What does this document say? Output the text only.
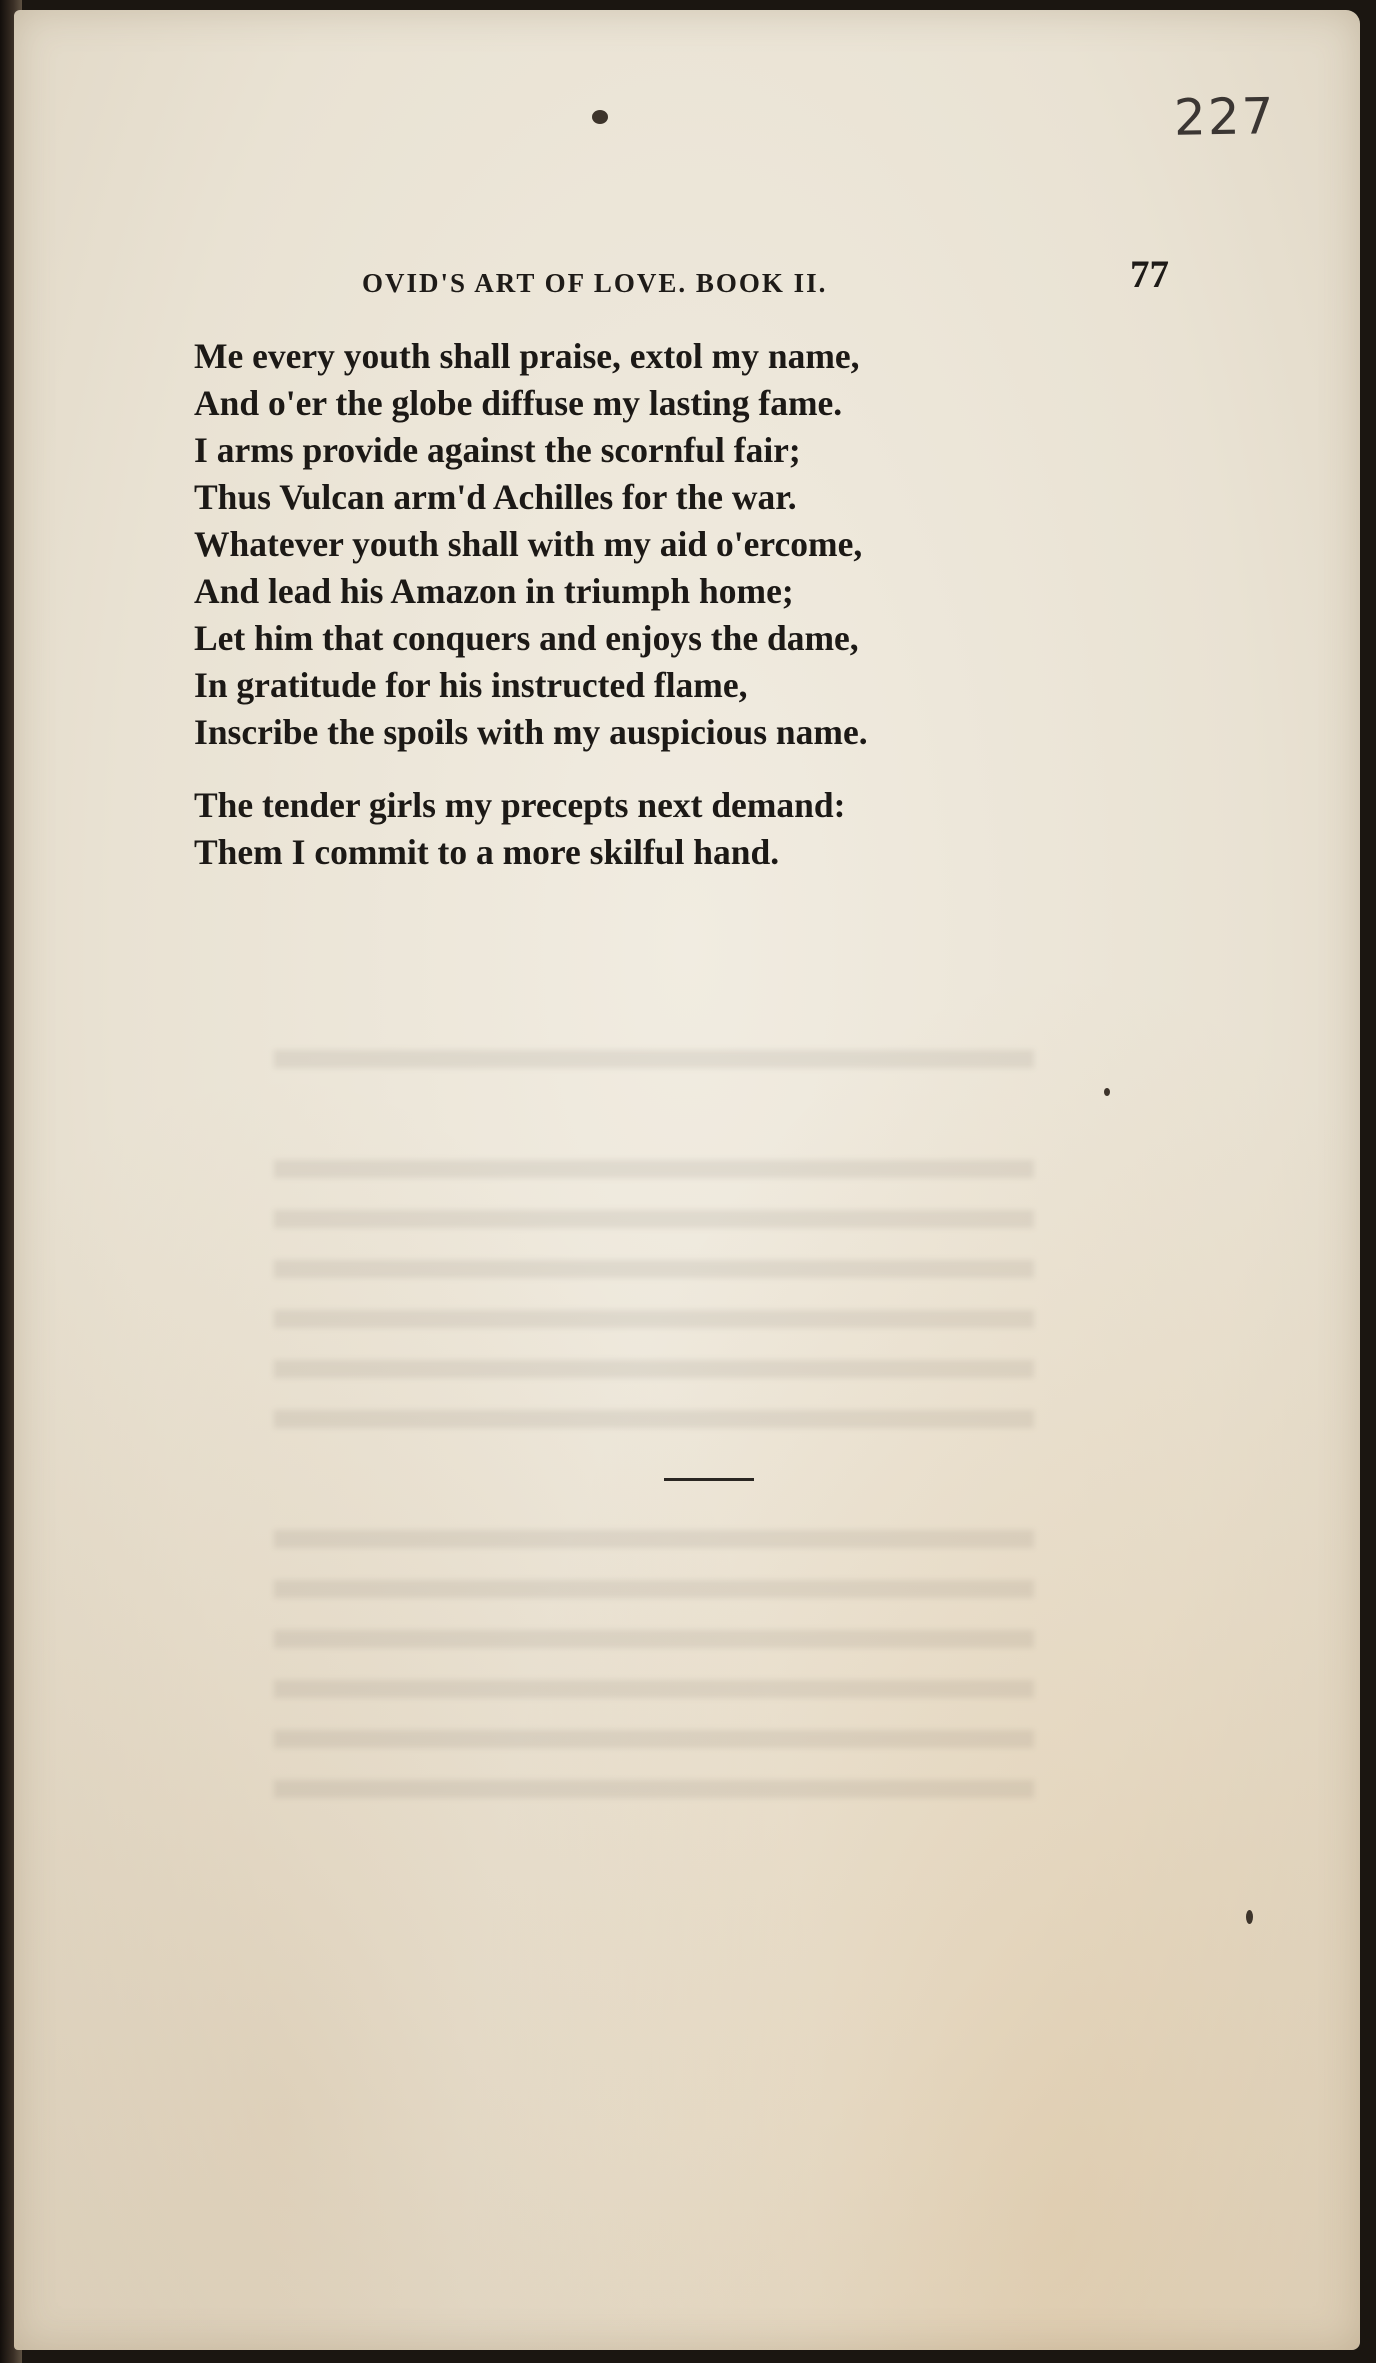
227
OVID'S ART OF LOVE. BOOK II.	77
Me every youth shall praise, extol my name,
And o'er the globe diffuse my lasting fame.
I arms provide against the scornful fair;
Thus Vulcan arm'd Achilles for the war.
Whatever youth shall with my aid o'ercome,
And lead his Amazon in triumph home;
Let him that conquers and enjoys the dame,
In gratitude for his instructed flame,
Inscribe the spoils with my auspicious name.
The tender girls my precepts next demand:
Them I commit to a more skilful hand.
